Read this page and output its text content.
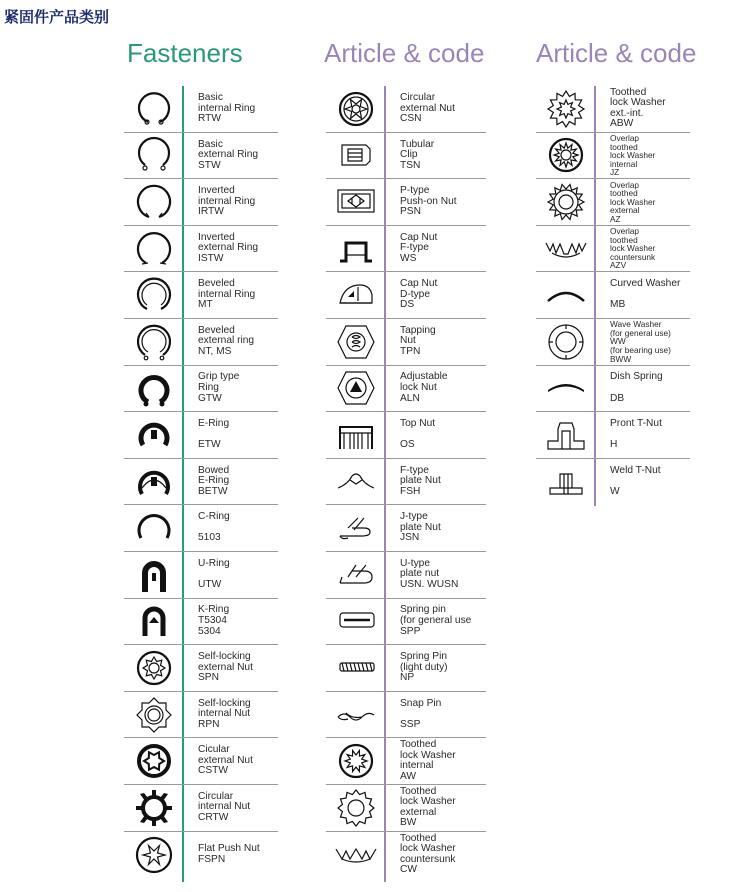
紧固件产品类别
Fasteners	Article & code Article & code
Basic
internal Ring
RTW
Basic
external Ring
STW
Inverted
internal Ring
IRTW
Inverted
external Ring
ISTW
Beveled
internal Ring
MT
Beveled
external ring
NT, MS
Grip type
Ring
GTW
E-Ring

ETW
Bowed
E-Ring
BETW
C-Ring

5103
U-Ring

UTW
K-Ring
T5304
5304
Self-locking
external Nut
SPN
Self-locking
internal Nut
RPN
Cicular
external Nut
CSTW
Circular
internal Nut
CRTW
Flat Push Nut
FSPN
Circular
external Nut
CSN
Tubular
Clip
TSN
P-type
Push-on Nut
PSN
Cap Nut
F-type
WS
Cap Nut
D-type
DS
Tapping
Nut
TPN
Adjustable
lock Nut
ALN
Top Nut

OS
F-type
plate Nut
FSH
J-type
plate Nut
JSN
U-type
plate nut
USN. WUSN
Spring pin
(for general use
SPP
Spring Pin
(light duty)
NP
Snap Pin

SSP
Toothed
lock Washer
internal
AW
Toothed
lock Washer
external
BW
Toothed
lock Washer
countersunk
CW
Toothed
lock Washer
ext.-int.
ABW
Overlap
toothed
lock Washer
internal
JZ
Overlap
toothed
lock Washer
external
AZ
Overlap
toothed
lock Washer
countersunk
AZV
Curved Washer

MB
Wave Washer
(for general use)
WW
(for bearing use)
BWW
Dish Spring

DB
Pront T-Nut

H
Weld T-Nut

W
